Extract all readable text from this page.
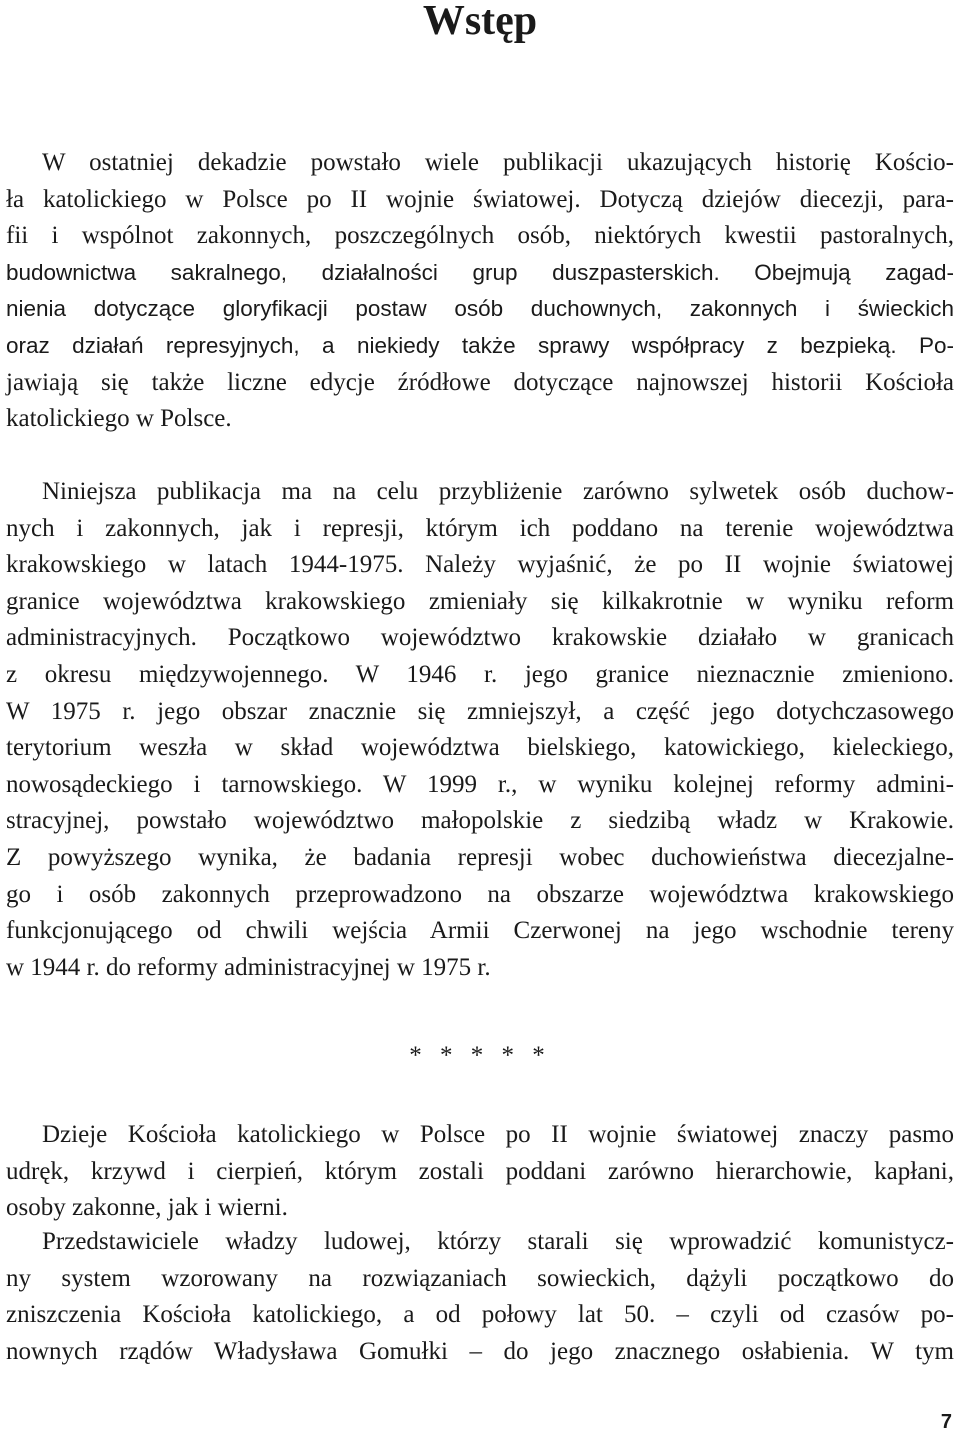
Wstęp
W ostatniej dekadzie powstało wiele publikacji ukazujących historię Kościo-
ła katolickiego w Polsce po II wojnie światowej. Dotyczą dziejów diecezji, para-
fii i wspólnot zakonnych, poszczególnych osób, niektórych kwestii pastoralnych,
budownictwa sakralnego, działalności grup duszpasterskich. Obejmują zagad-
nienia dotyczące gloryfikacji postaw osób duchownych, zakonnych i świeckich
oraz działań represyjnych, a niekiedy także sprawy współpracy z bezpieką. Po-
jawiają się także liczne edycje źródłowe dotyczące najnowszej historii Kościoła
katolickiego w Polsce.
Niniejsza publikacja ma na celu przybliżenie zarówno sylwetek osób duchow-
nych i zakonnych, jak i represji, którym ich poddano na terenie województwa
krakowskiego w latach 1944-1975. Należy wyjaśnić, że po II wojnie światowej
granice województwa krakowskiego zmieniały się kilkakrotnie w wyniku reform
administracyjnych. Początkowo województwo krakowskie działało w granicach
z okresu międzywojennego. W 1946 r. jego granice nieznacznie zmieniono.
W 1975 r. jego obszar znacznie się zmniejszył, a część jego dotychczasowego
terytorium weszła w skład województwa bielskiego, katowickiego, kieleckiego,
nowosądeckiego i tarnowskiego. W 1999 r., w wyniku kolejnej reformy admini-
stracyjnej, powstało województwo małopolskie z siedzibą władz w Krakowie.
Z powyższego wynika, że badania represji wobec duchowieństwa diecezjalne-
go i osób zakonnych przeprowadzono na obszarze województwa krakowskiego
funkcjonującego od chwili wejścia Armii Czerwonej na jego wschodnie tereny
w 1944 r. do reformy administracyjnej w 1975 r.

* * * * *

Dzieje Kościoła katolickiego w Polsce po II wojnie światowej znaczy pasmo
udręk, krzywd i cierpień, którym zostali poddani zarówno hierarchowie, kapłani,
osoby zakonne, jak i wierni.
Przedstawiciele władzy ludowej, którzy starali się wprowadzić komunistycz-
ny system wzorowany na rozwiązaniach sowieckich, dążyli początkowo do
zniszczenia Kościoła katolickiego, a od połowy lat 50. – czyli od czasów po-
nownych rządów Władysława Gomułki – do jego znacznego osłabienia. W tym

7
